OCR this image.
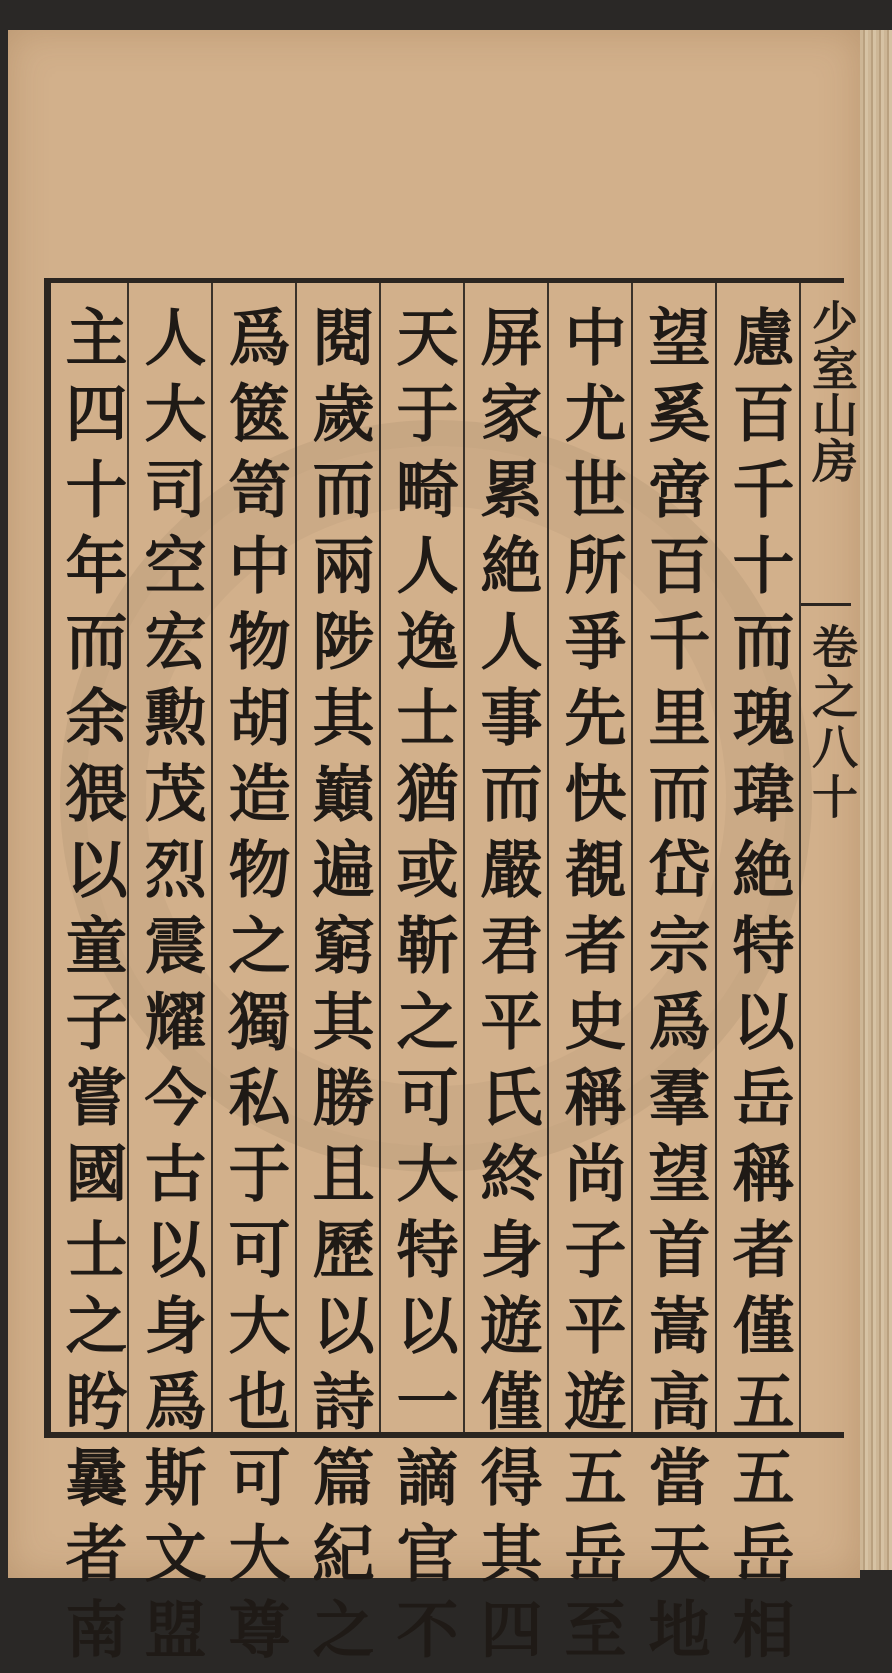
慮百千十而瑰瑋絶特以岳稱者僅五五岳相
望奚啻百千里而岱宗爲羣望首嵩高當天地
中尤世所爭先快覩者史稱尚子平遊五岳至
屏家累絶人事而嚴君平氏終身遊僅得其四
天于畸人逸士猶或靳之可大特以一謫官不
閱歲而兩陟其巔遍窮其勝且歷以詩篇紀之
爲篋笥中物胡造物之獨私于可大也可大尊
人大司空宏勲茂烈震耀今古以身爲斯文盟
主四十年而余猥以童子嘗國士之盻曩者南	少室山房
卷之八十
